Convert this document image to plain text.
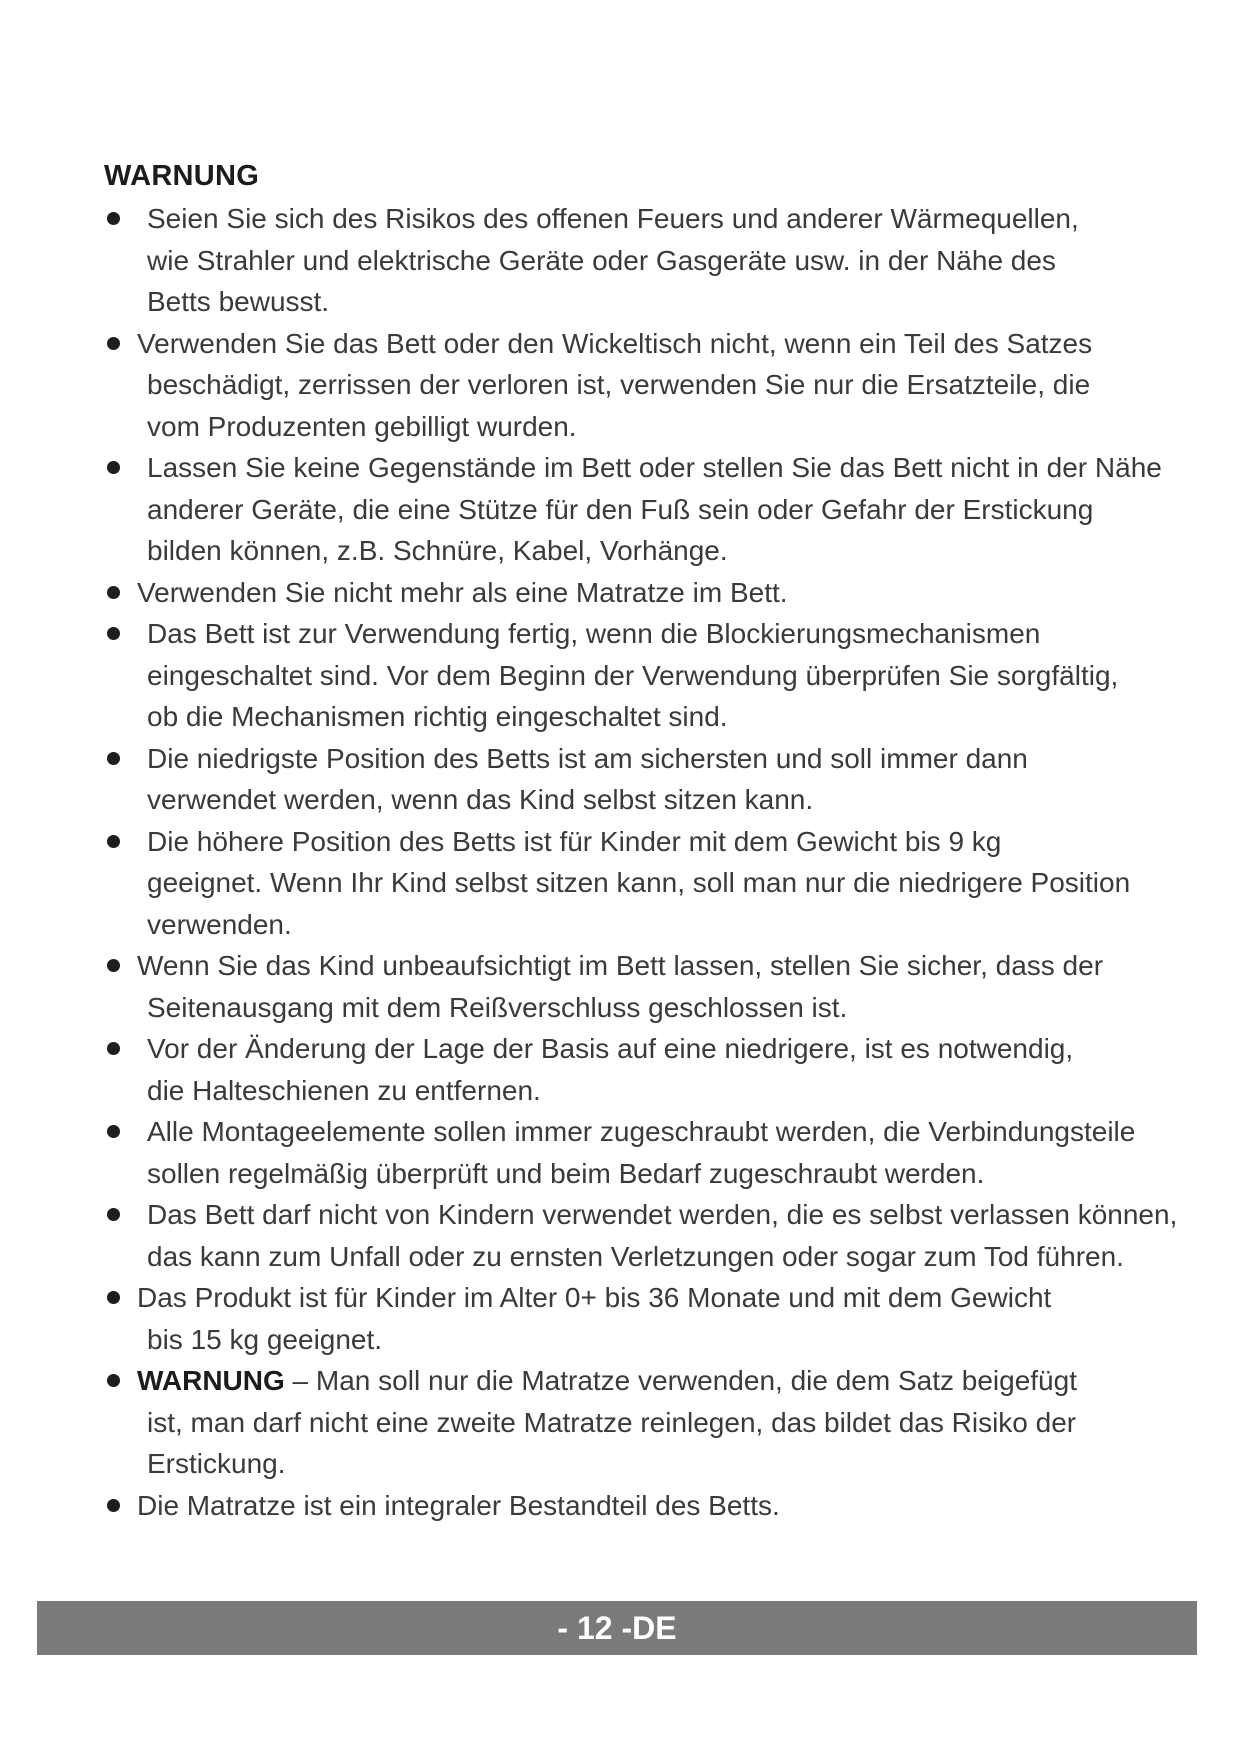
WARNUNG
Seien Sie sich des Risikos des offenen Feuers und anderer Wärmequellen,
wie Strahler und elektrische Geräte oder Gasgeräte usw. in der Nähe des
Betts bewusst.
Verwenden Sie das Bett oder den Wickeltisch nicht, wenn ein Teil des Satzes
beschädigt, zerrissen der verloren ist, verwenden Sie nur die Ersatzteile, die
vom Produzenten gebilligt wurden.
Lassen Sie keine Gegenstände im Bett oder stellen Sie das Bett nicht in der Nähe
anderer Geräte, die eine Stütze für den Fuß sein oder Gefahr der Erstickung
bilden können, z.B. Schnüre, Kabel, Vorhänge.
Verwenden Sie nicht mehr als eine Matratze im Bett.
Das Bett ist zur Verwendung fertig, wenn die Blockierungsmechanismen
eingeschaltet sind. Vor dem Beginn der Verwendung überprüfen Sie sorgfältig,
ob die Mechanismen richtig eingeschaltet sind.
Die niedrigste Position des Betts ist am sichersten und soll immer dann
verwendet werden, wenn das Kind selbst sitzen kann.
Die höhere Position des Betts ist für Kinder mit dem Gewicht bis 9 kg
geeignet. Wenn Ihr Kind selbst sitzen kann, soll man nur die niedrigere Position
verwenden.
Wenn Sie das Kind unbeaufsichtigt im Bett lassen, stellen Sie sicher, dass der
Seitenausgang mit dem Reißverschluss geschlossen ist.
Vor der Änderung der Lage der Basis auf eine niedrigere, ist es notwendig,
die Halteschienen zu entfernen.
Alle Montageelemente sollen immer zugeschraubt werden, die Verbindungsteile
sollen regelmäßig überprüft und beim Bedarf zugeschraubt werden.
Das Bett darf nicht von Kindern verwendet werden, die es selbst verlassen können,
das kann zum Unfall oder zu ernsten Verletzungen oder sogar zum Tod führen.
Das Produkt ist für Kinder im Alter 0+ bis 36 Monate und mit dem Gewicht
bis 15 kg geeignet.
WARNUNG – Man soll nur die Matratze verwenden, die dem Satz beigefügt
ist, man darf nicht eine zweite Matratze reinlegen, das bildet das Risiko der
Erstickung.
Die Matratze ist ein integraler Bestandteil des Betts.
- 12 -DE
